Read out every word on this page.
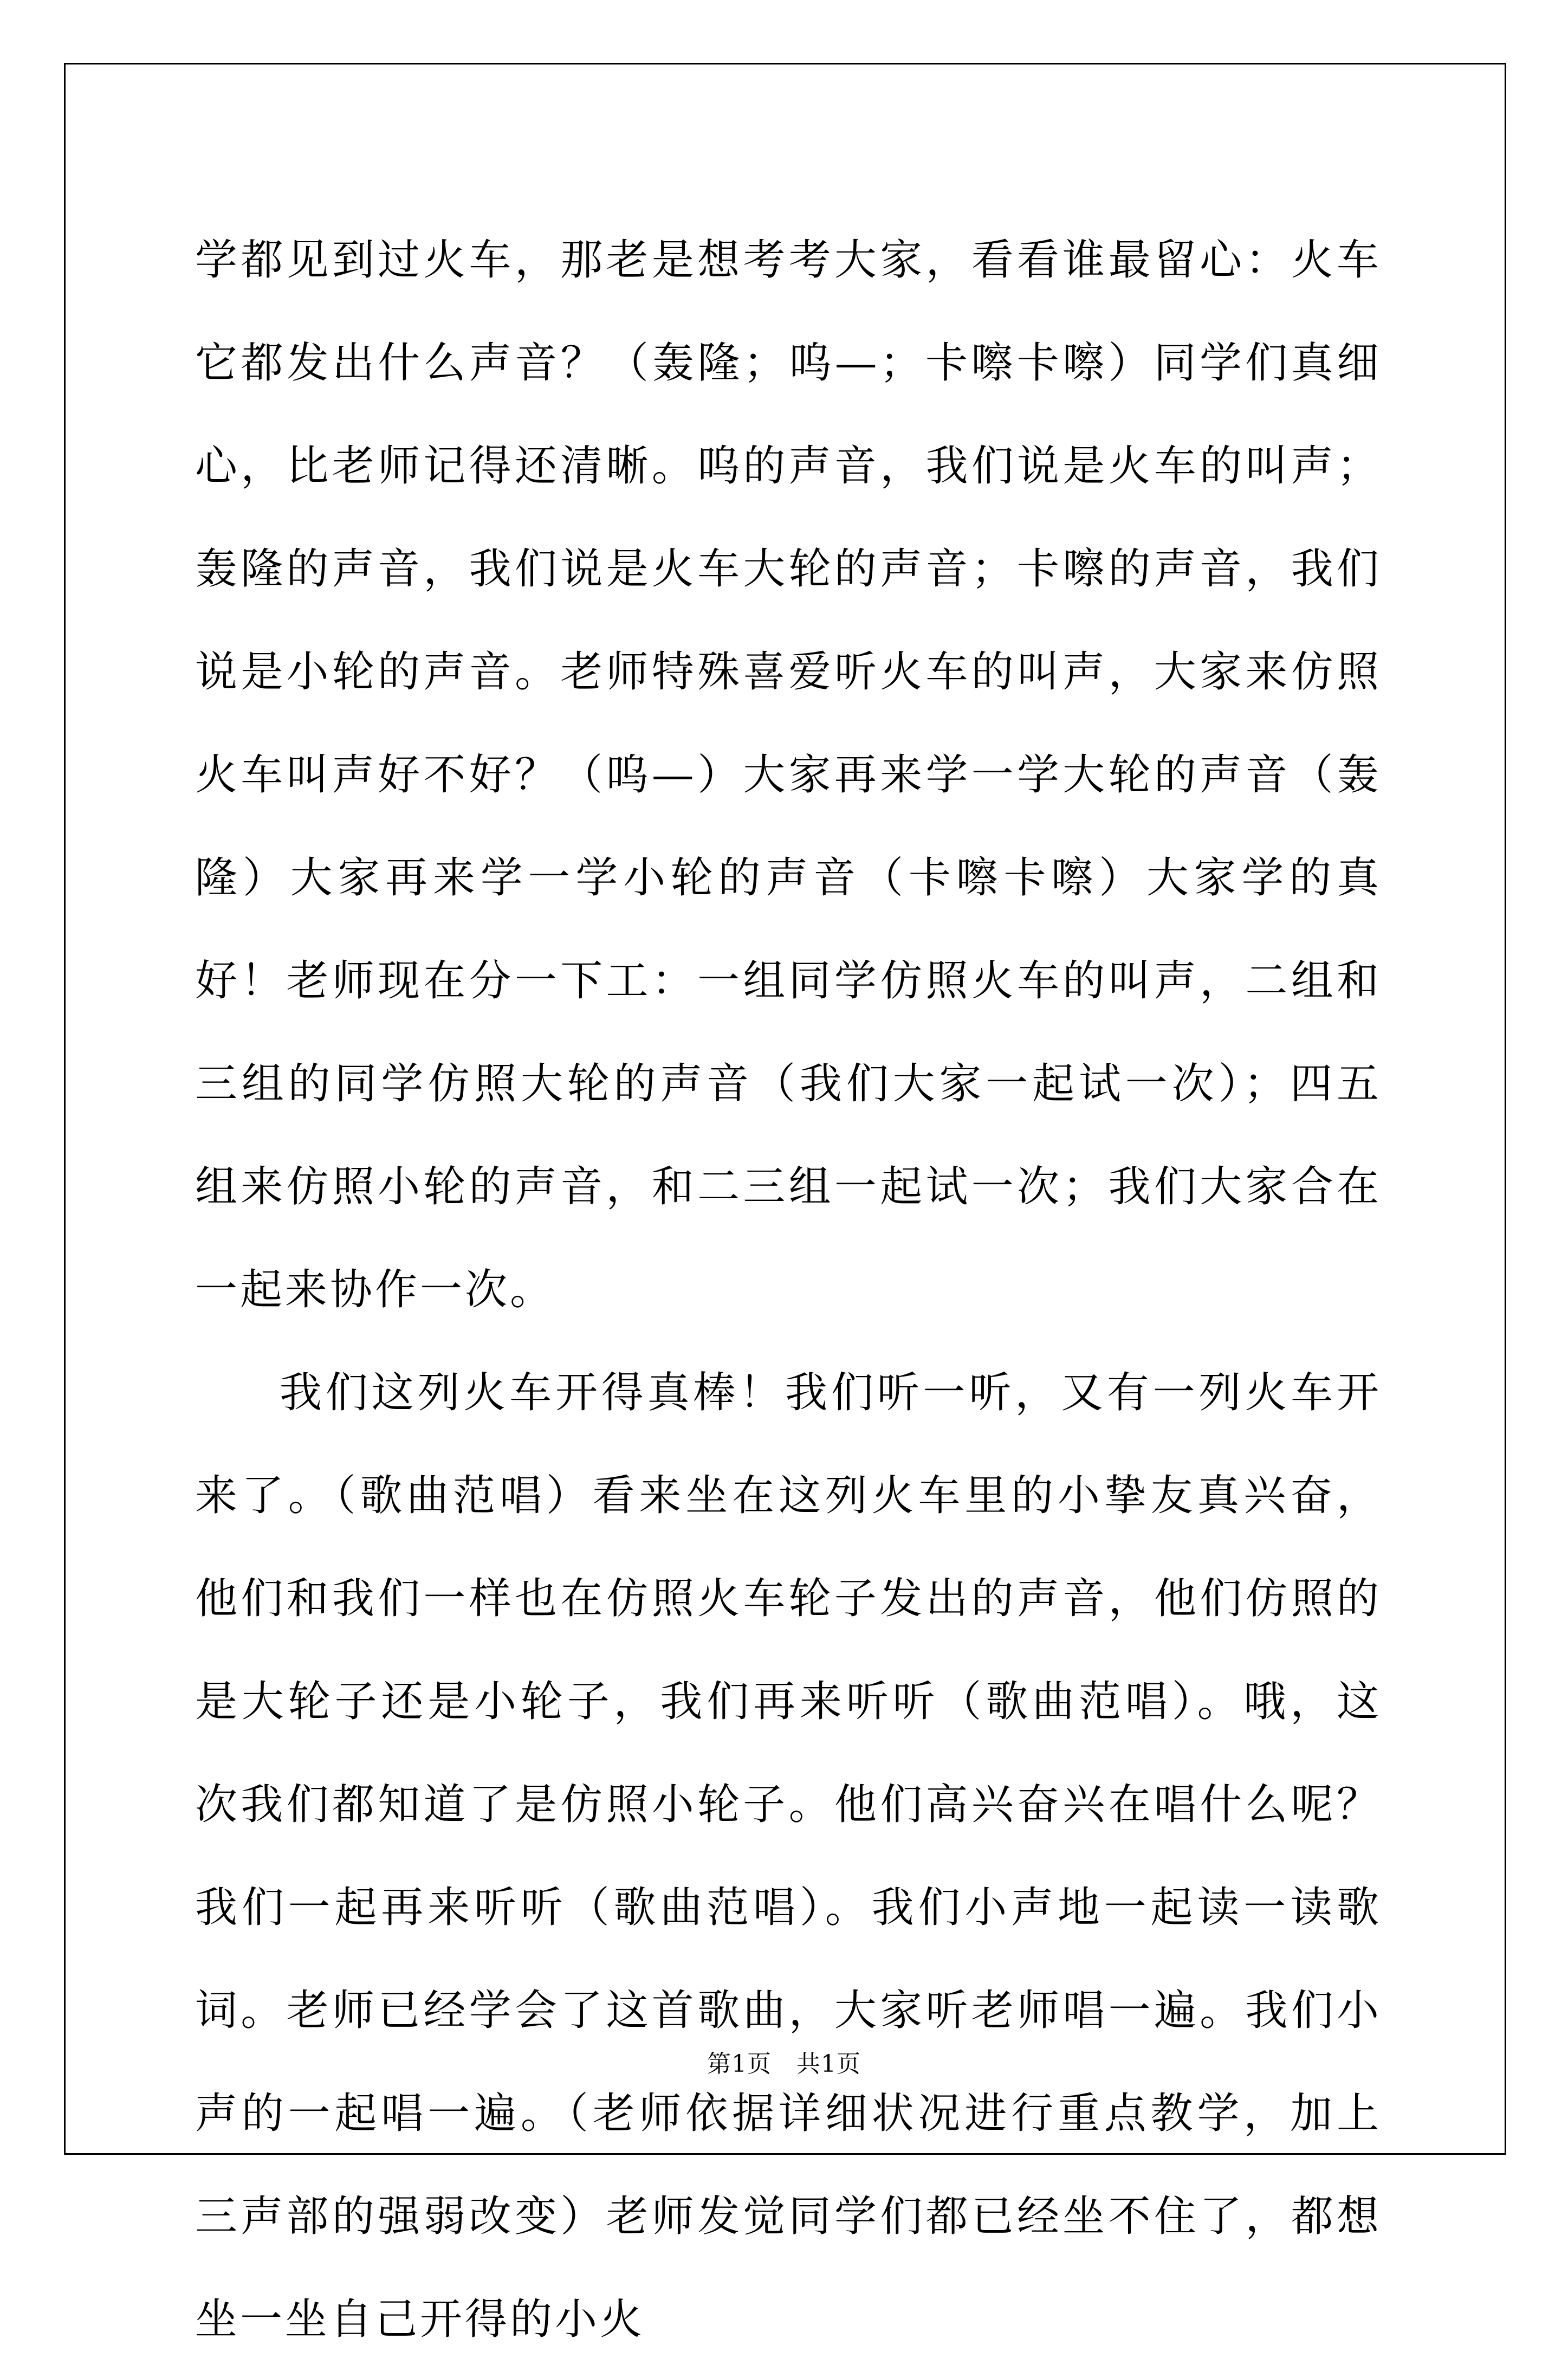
学都见到过火车，那老是想考考大家，看看谁最留心：火车它都发出什么声音？（轰隆；呜—；卡嚓卡嚓）同学们真细心，比老师记得还清晰。呜的声音，我们说是火车的叫声；轰隆的声音，我们说是火车大轮的声音；卡嚓的声音，我们说是小轮的声音。老师特殊喜爱听火车的叫声，大家来仿照火车叫声好不好？（呜—）大家再来学一学大轮的声音（轰隆）大家再来学一学小轮的声音（卡嚓卡嚓）大家学的真好！老师现在分一下工：一组同学仿照火车的叫声，二组和三组的同学仿照大轮的声音（我们大家一起试一次）；四五组来仿照小轮的声音，和二三组一起试一次；我们大家合在一起来协作一次。

我们这列火车开得真棒！我们听一听，又有一列火车开来了。（歌曲范唱）看来坐在这列火车里的小挚友真兴奋，他们和我们一样也在仿照火车轮子发出的声音，他们仿照的是大轮子还是小轮子，我们再来听听（歌曲范唱）。哦，这次我们都知道了是仿照小轮子。他们高兴奋兴在唱什么呢？我们一起再来听听（歌曲范唱）。我们小声地一起读一读歌词。老师已经学会了这首歌曲，大家听老师唱一遍。我们小声的一起唱一遍。（老师依据详细状况进行重点教学，加上三声部的强弱改变）老师发觉同学们都已经坐不住了，都想坐一坐自己开得的小火

第1页 共1页
